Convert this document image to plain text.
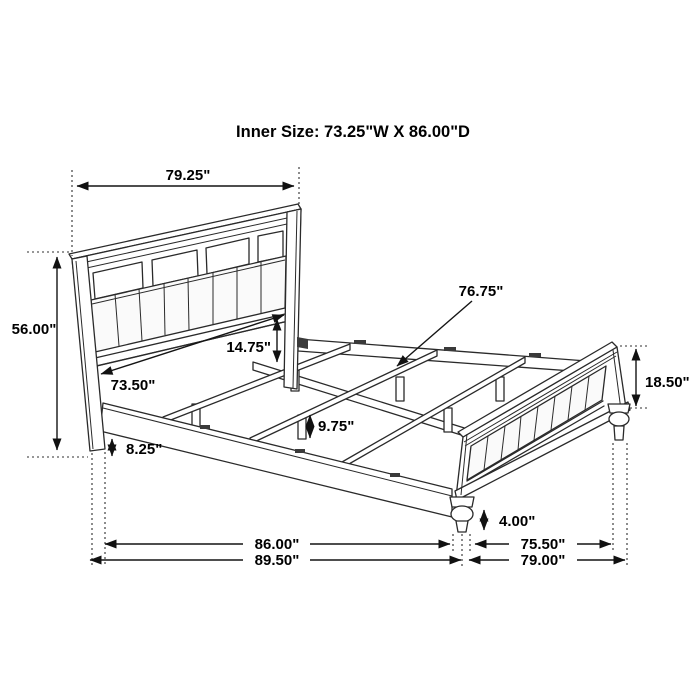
79.25"
56.00"
14.75"
73.50"
76.75"
9.75"
8.25"
18.50"
4.00"
86.00"
89.50"
75.50"
79.00"
Inner Size: 73.25"W X 86.00"D
